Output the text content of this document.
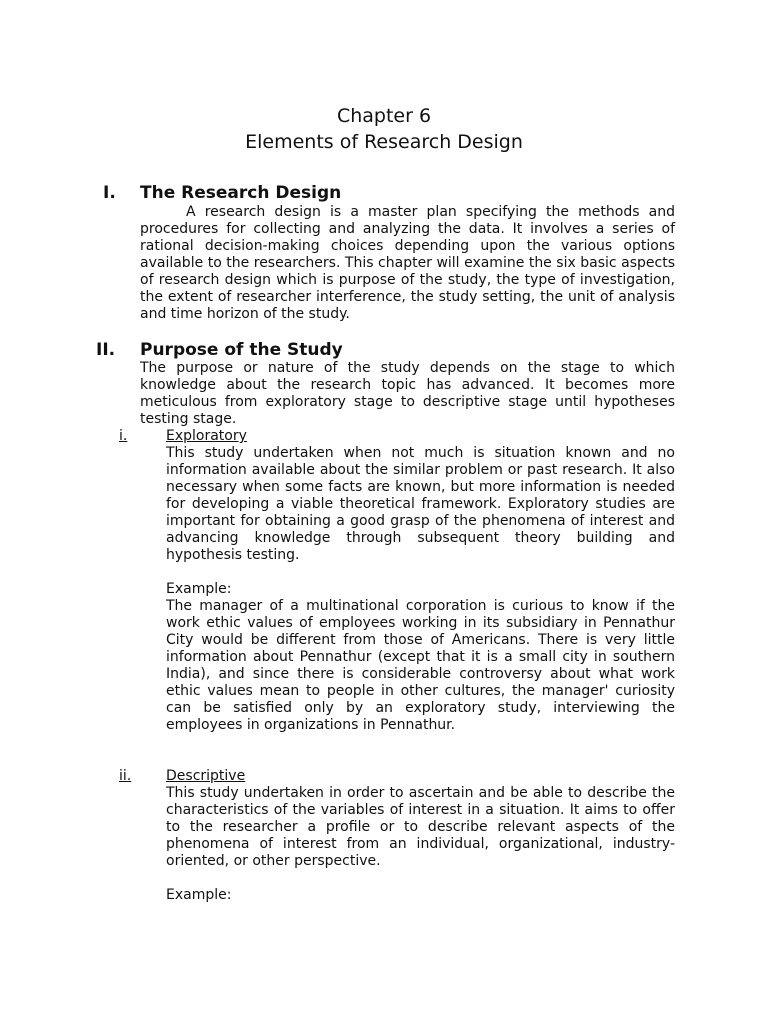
Chapter 6
Elements of Research Design
I. The Research Design

A research design is a master plan specifying the methods and procedures for collecting and analyzing the data. It involves a series of rational decision-making choices depending upon the various options available to the researchers. This chapter will examine the six basic aspects of research design which is purpose of the study, the type of investigation, the extent of researcher interference, the study setting, the unit of analysis and time horizon of the study.

II. Purpose of the Study

The purpose or nature of the study depends on the stage to which knowledge about the research topic has advanced. It becomes more meticulous from exploratory stage to descriptive stage until hypotheses testing stage.

i.	Exploratory

This study undertaken when not much is situation known and no information available about the similar problem or past research. It also necessary when some facts are known, but more information is needed for developing a viable theoretical framework. Exploratory studies are important for obtaining a good grasp of the phenomena of interest and advancing knowledge through subsequent theory building and hypothesis testing.

Example:

The manager of a multinational corporation is curious to know if the work ethic values of employees working in its subsidiary in Pennathur City would be different from those of Americans. There is very little information about Pennathur (except that it is a small city in southern India), and since there is considerable controversy about what work ethic values mean to people in other cultures, the manager' curiosity can be satisfied only by an exploratory study, interviewing the employees in organizations in Pennathur.

ii. Descriptive

This study undertaken in order to ascertain and be able to describe the characteristics of the variables of interest in a situation. It aims to offer to the researcher a profile or to describe relevant aspects of the phenomena of interest from an individual, organizational, industry-oriented, or other perspective.

Example:
